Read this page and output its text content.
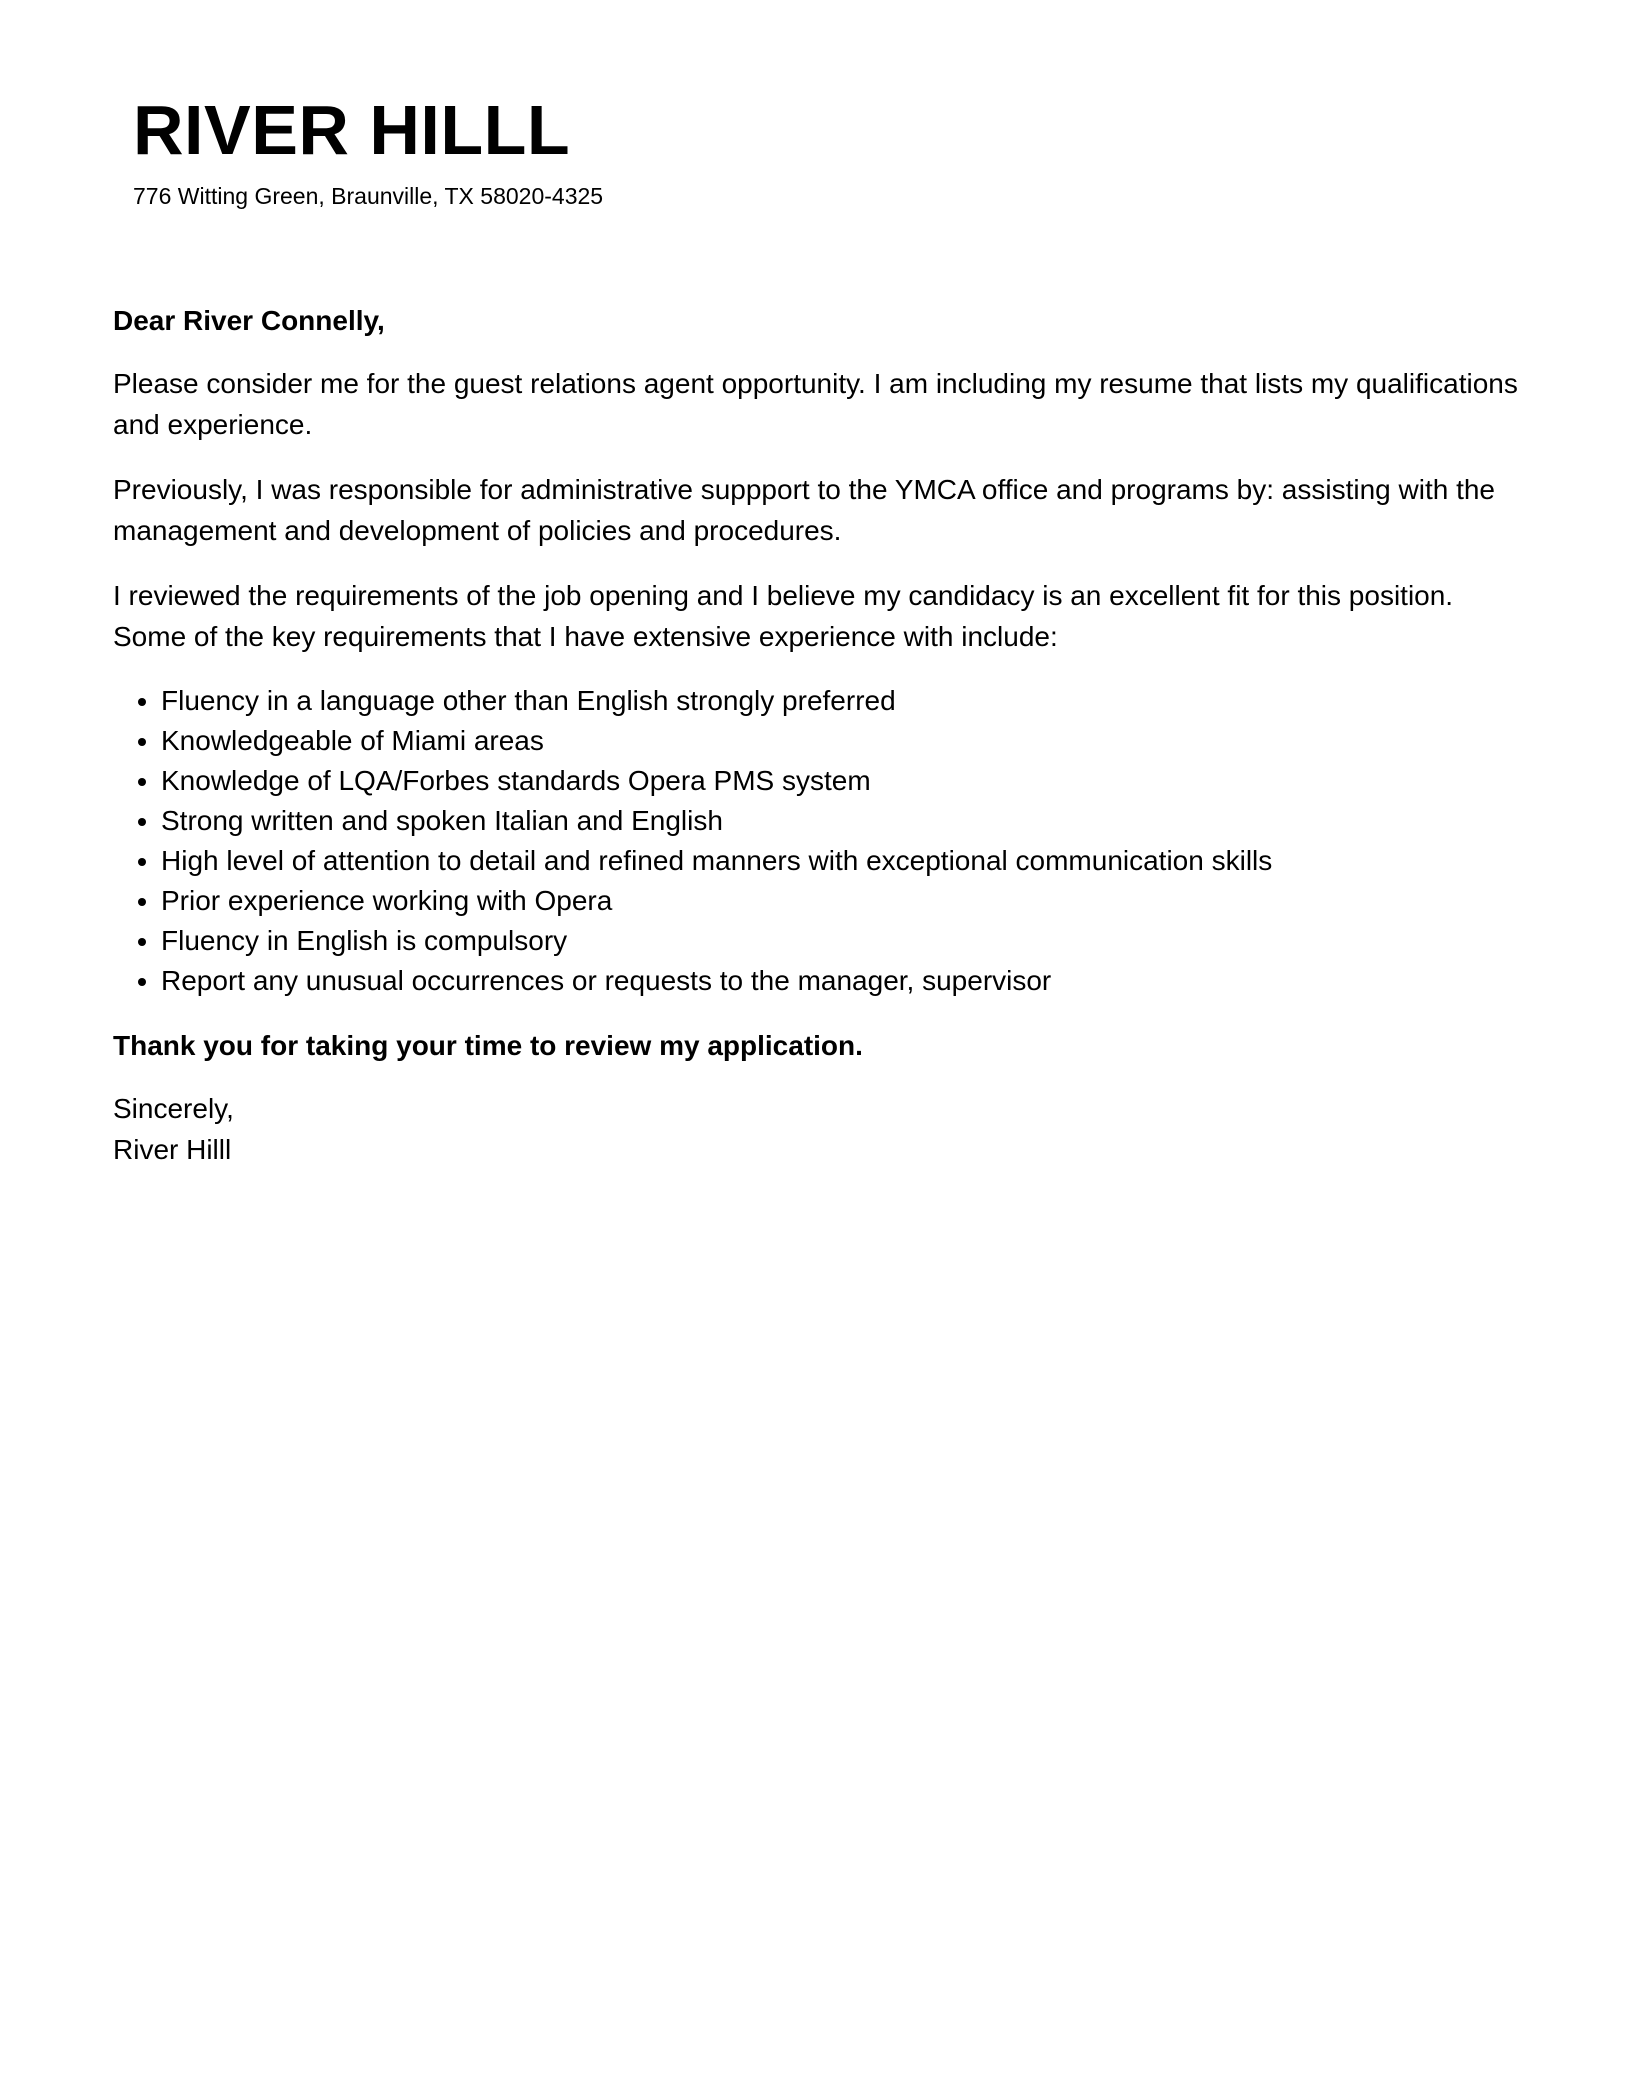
RIVER HILLL
776 Witting Green, Braunville, TX 58020-4325
Dear River Connelly,

Please consider me for the guest relations agent opportunity. I am including my resume that lists my qualifications and experience.

Previously, I was responsible for administrative suppport to the YMCA office and programs by: assisting with the management and development of policies and procedures.

I reviewed the requirements of the job opening and I believe my candidacy is an excellent fit for this position. Some of the key requirements that I have extensive experience with include:

• Fluency in a language other than English strongly preferred
• Knowledgeable of Miami areas
• Knowledge of LQA/Forbes standards Opera PMS system
• Strong written and spoken Italian and English
• High level of attention to detail and refined manners with exceptional communication skills
• Prior experience working with Opera
• Fluency in English is compulsory
• Report any unusual occurrences or requests to the manager, supervisor
Thank you for taking your time to review my application.
Sincerely,
River Hilll
